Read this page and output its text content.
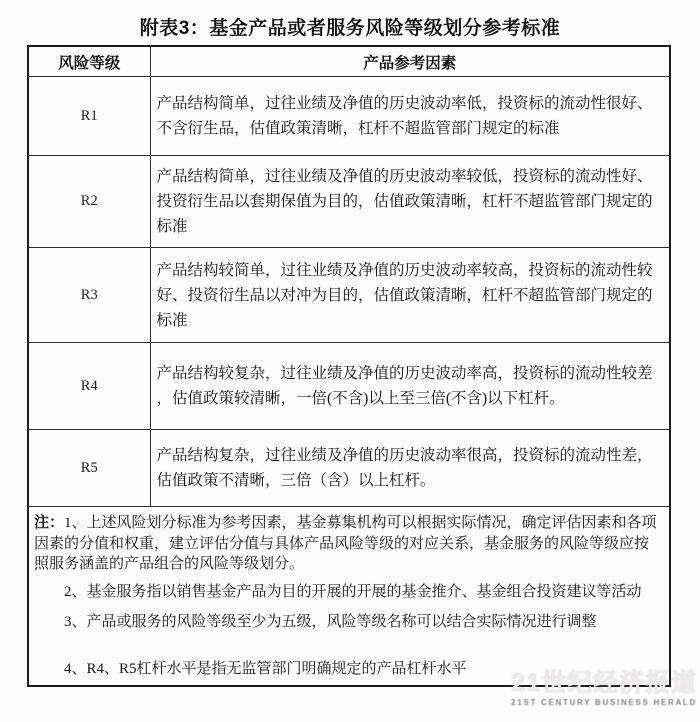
附表3：基金产品或者服务风险等级划分参考标准
风险等级	产品参考因素
R1	产品结构简单，过往业绩及净值的历史波动率低，投资标的流动性很好、不含衍生品，估值政策清晰，杠杆不超监管部门规定的标准
R2	产品结构简单，过往业绩及净值的历史波动率较低，投资标的流动性好、投资衍生品以套期保值为目的，估值政策清晰，杠杆不超监管部门规定的标准
R3	产品结构较简单，过往业绩及净值的历史波动率较高，投资标的流动性较好、投资衍生品以对冲为目的，估值政策清晰，杠杆不超监管部门规定的标准
R4	产品结构较复杂，过往业绩及净值的历史波动率高，投资标的流动性较差，估值政策较清晰，一倍(不含)以上至三倍(不含)以下杠杆。
R5	产品结构复杂，过往业绩及净值的历史波动率很高，投资标的流动性差，估值政策不清晰，三倍（含）以上杠杆。

注：1、上述风险划分标准为参考因素，基金募集机构可以根据实际情况，确定评估因素和各项因素的分值和权重，建立评估分值与具体产品风险等级的对应关系，基金服务的风险等级应按照服务涵盖的产品组合的风险等级划分。

2、基金服务指以销售基金产品为目的开展的开展的基金推介、基金组合投资建议等活动

3、产品或服务的风险等级至少为五级，风险等级名称可以结合实际情况进行调整

4、R4、R5杠杆水平是指无监管部门明确规定的产品杠杆水平	

21世纪经济报道
21ST CENTURY BUSINESS HERALD
